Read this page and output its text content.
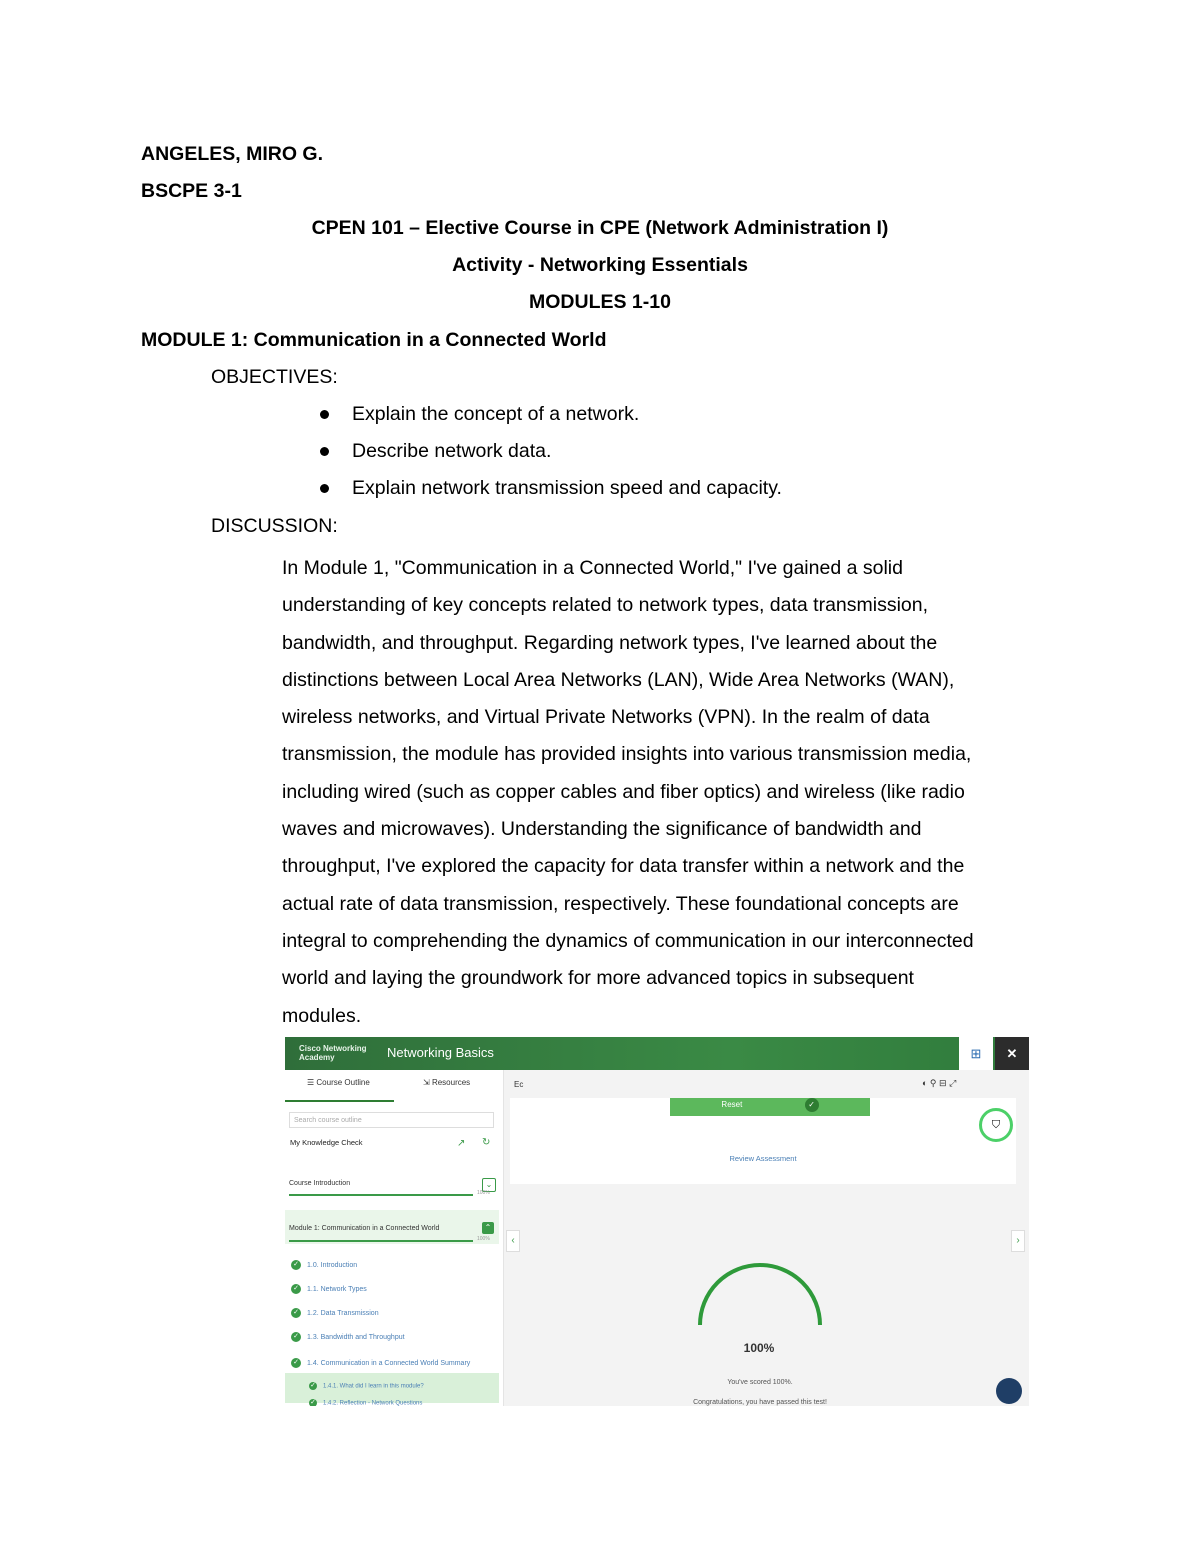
ANGELES, MIRO G.
BSCPE 3-1
CPEN 101 – Elective Course in CPE (Network Administration I)
Activity - Networking Essentials
MODULES 1-10
MODULE 1: Communication in a Connected World
OBJECTIVES:
Explain the concept of a network.
Describe network data.
Explain network transmission speed and capacity.
DISCUSSION:
In Module 1, "Communication in a Connected World," I've gained a solid
understanding of key concepts related to network types, data transmission,
bandwidth, and throughput. Regarding network types, I've learned about the
distinctions between Local Area Networks (LAN), Wide Area Networks (WAN),
wireless networks, and Virtual Private Networks (VPN). In the realm of data
transmission, the module has provided insights into various transmission media,
including wired (such as copper cables and fiber optics) and wireless (like radio
waves and microwaves). Understanding the significance of bandwidth and
throughput, I've explored the capacity for data transfer within a network and the
actual rate of data transmission, respectively. These foundational concepts are
integral to comprehending the dynamics of communication in our interconnected
world and laying the groundwork for more advanced topics in subsequent
modules.
Cisco Networking
Academy	Networking Basics	⊞	✕
☰ Course Outline	⇲ Resources
Search course outline
My Knowledge Check	↗ ↻
Course Introduction	⌄
100%
Module 1: Communication in a Connected World	⌃
100%
✓ 1.0. Introduction
✓ 1.1. Network Types
✓ 1.2. Data Transmission
✓ 1.3. Bandwidth and Throughput
✓ 1.4. Communication in a Connected World Summary
✓ 1.4.1. What did I learn in this module?
✓ 1.4.2. Reflection - Network Questions
Ec	◐ ⚲ ⊟ ⤢
Reset	✓
Review Assessment
⛉
‹	›
100%
You've scored 100%.
Congratulations, you have passed this test!
